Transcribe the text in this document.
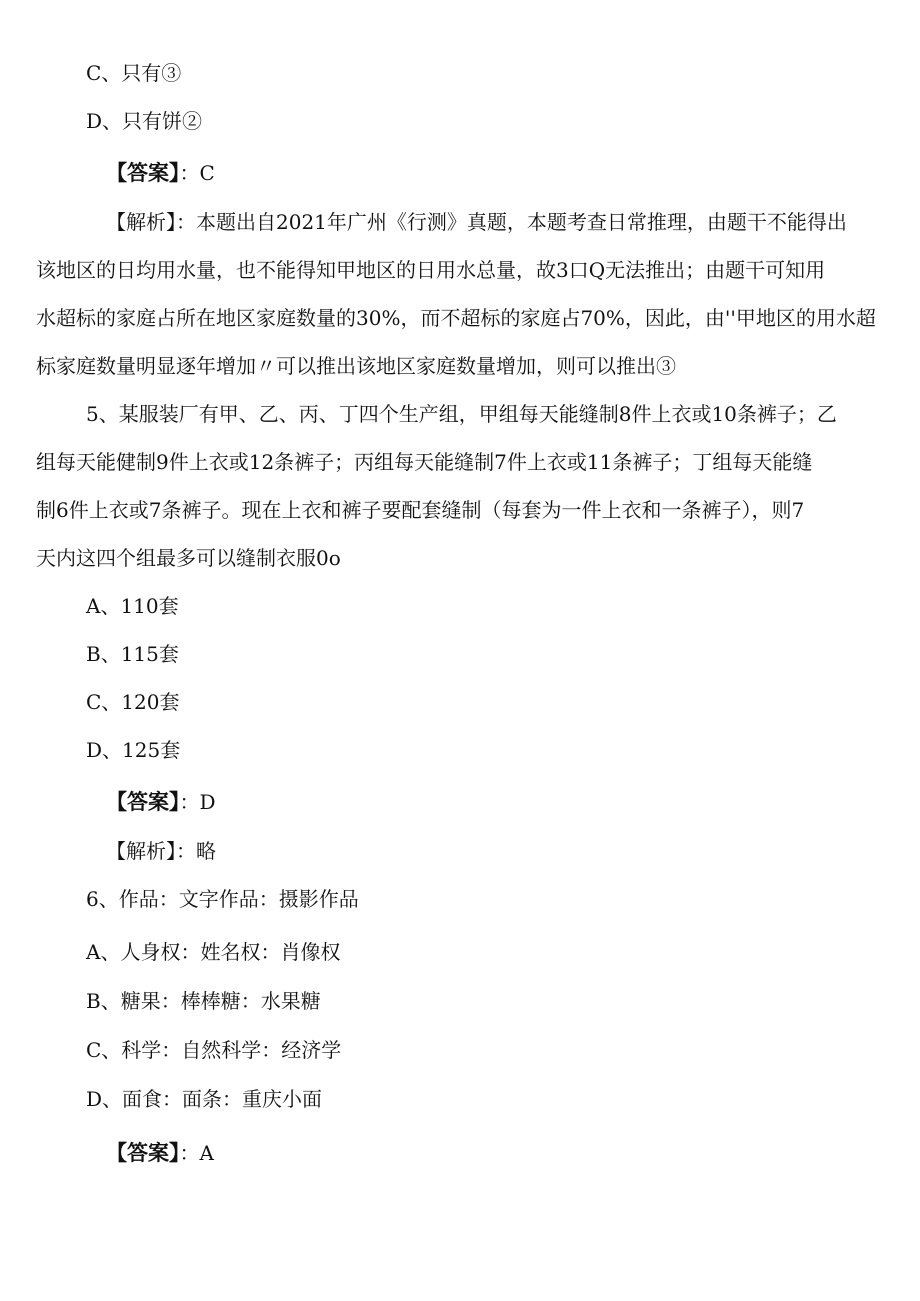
C、只有③
D、只有饼②
【答案】：C
【解析】：本题出自2021年广州《行测》真题，本题考查日常推理，由题干不能得出
该地区的日均用水量，也不能得知甲地区的日用水总量，故3口Q无法推出；由题干可知用
水超标的家庭占所在地区家庭数量的30%，而不超标的家庭占70%，因此，由''甲地区的用水超
标家庭数量明显逐年增加〃可以推出该地区家庭数量增加，则可以推出③
5、某服装厂有甲、乙、丙、丁四个生产组，甲组每天能缝制8件上衣或10条裤子；乙
组每天能健制9件上衣或12条裤子；丙组每天能缝制7件上衣或11条裤子；丁组每天能缝
制6件上衣或7条裤子。现在上衣和裤子要配套缝制（每套为一件上衣和一条裤子），则7
天内这四个组最多可以缝制衣服0o
A、110套
B、115套
C、120套
D、125套
【答案】：D
【解析】：略
6、作品：文字作品：摄影作品
A、人身权：姓名权：肖像权
B、糖果：棒棒糖：水果糖
C、科学：自然科学：经济学
D、面食：面条：重庆小面
【答案】：A
